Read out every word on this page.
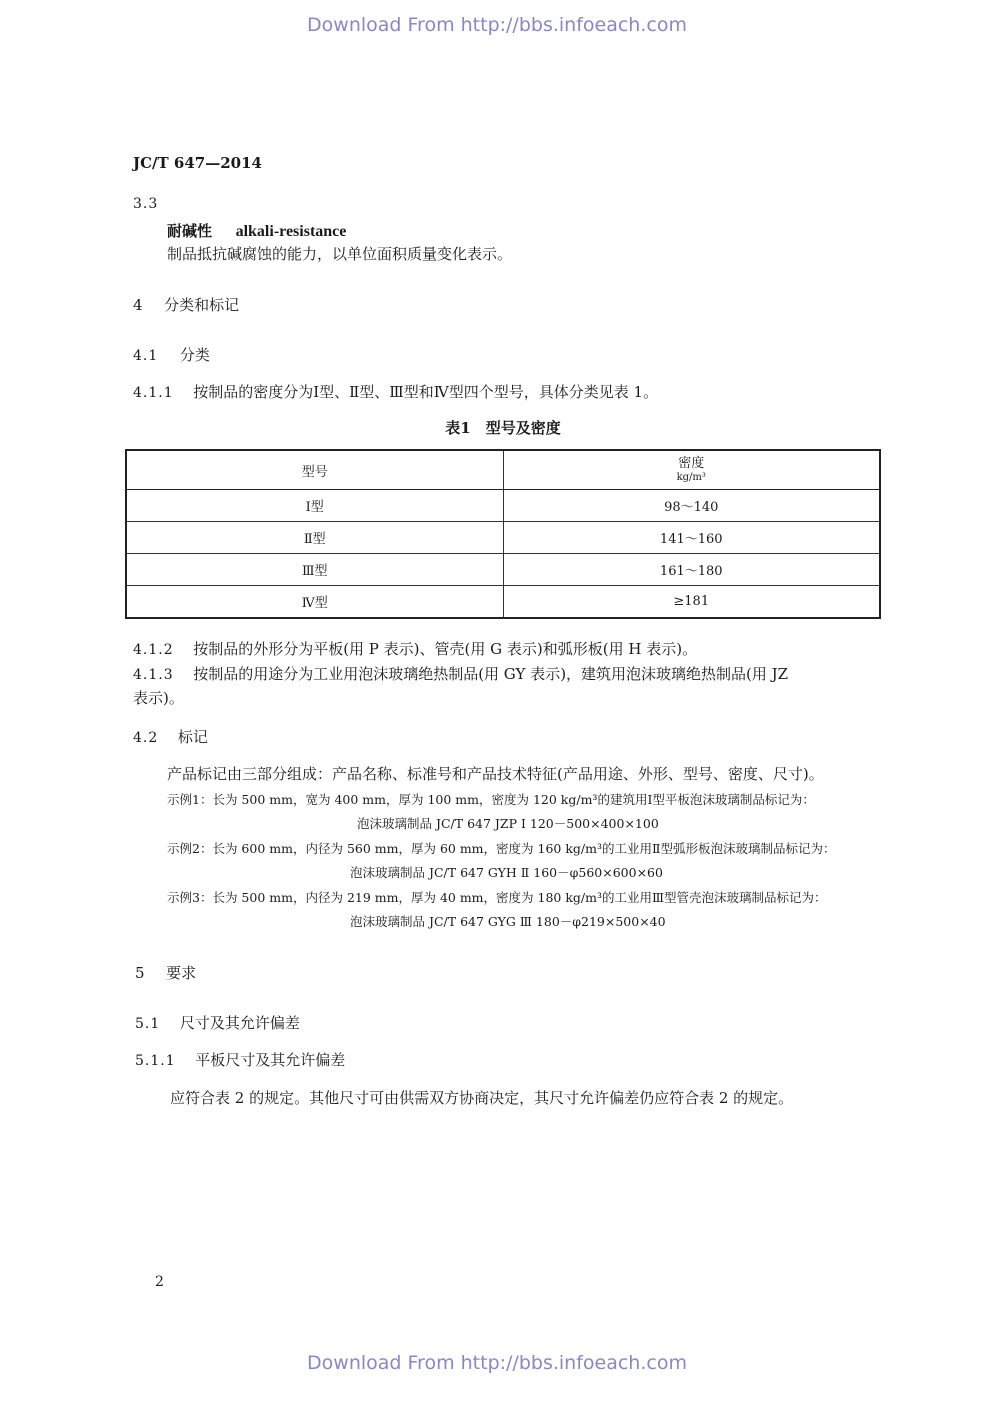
Download From http://bbs.infoeach.com
JC/T 647—2014
3.3
耐碱性 alkali-resistance
制品抵抗碱腐蚀的能力，以单位面积质量变化表示。
4 分类和标记
4.1 分类
4.1.1 按制品的密度分为Ⅰ型、Ⅱ型、Ⅲ型和Ⅳ型四个型号，具体分类见表 1。
表1　型号及密度
型号	密度
kg/m³

Ⅰ型	98～140
Ⅱ型	141～160
Ⅲ型	161～180
Ⅳ型	≥181
4.1.2 按制品的外形分为平板(用 P 表示)、管壳(用 G 表示)和弧形板(用 H 表示)。
4.1.3 按制品的用途分为工业用泡沫玻璃绝热制品(用 GY 表示)，建筑用泡沫玻璃绝热制品(用 JZ
表示)。
4.2 标记
产品标记由三部分组成：产品名称、标准号和产品技术特征(产品用途、外形、型号、密度、尺寸)。
示例1：长为 500 mm，宽为 400 mm，厚为 100 mm，密度为 120 kg/m³的建筑用Ⅰ型平板泡沫玻璃制品标记为：
泡沫玻璃制品 JC/T 647 JZP Ⅰ 120－500×400×100
示例2：长为 600 mm，内径为 560 mm，厚为 60 mm，密度为 160 kg/m³的工业用Ⅱ型弧形板泡沫玻璃制品标记为：
泡沫玻璃制品 JC/T 647 GYH Ⅱ 160－φ560×600×60
示例3：长为 500 mm，内径为 219 mm，厚为 40 mm，密度为 180 kg/m³的工业用Ⅲ型管壳泡沫玻璃制品标记为：
泡沫玻璃制品 JC/T 647 GYG Ⅲ 180－φ219×500×40
5 要求
5.1 尺寸及其允许偏差
5.1.1 平板尺寸及其允许偏差
应符合表 2 的规定。其他尺寸可由供需双方协商决定，其尺寸允许偏差仍应符合表 2 的规定。
2
Download From http://bbs.infoeach.com
